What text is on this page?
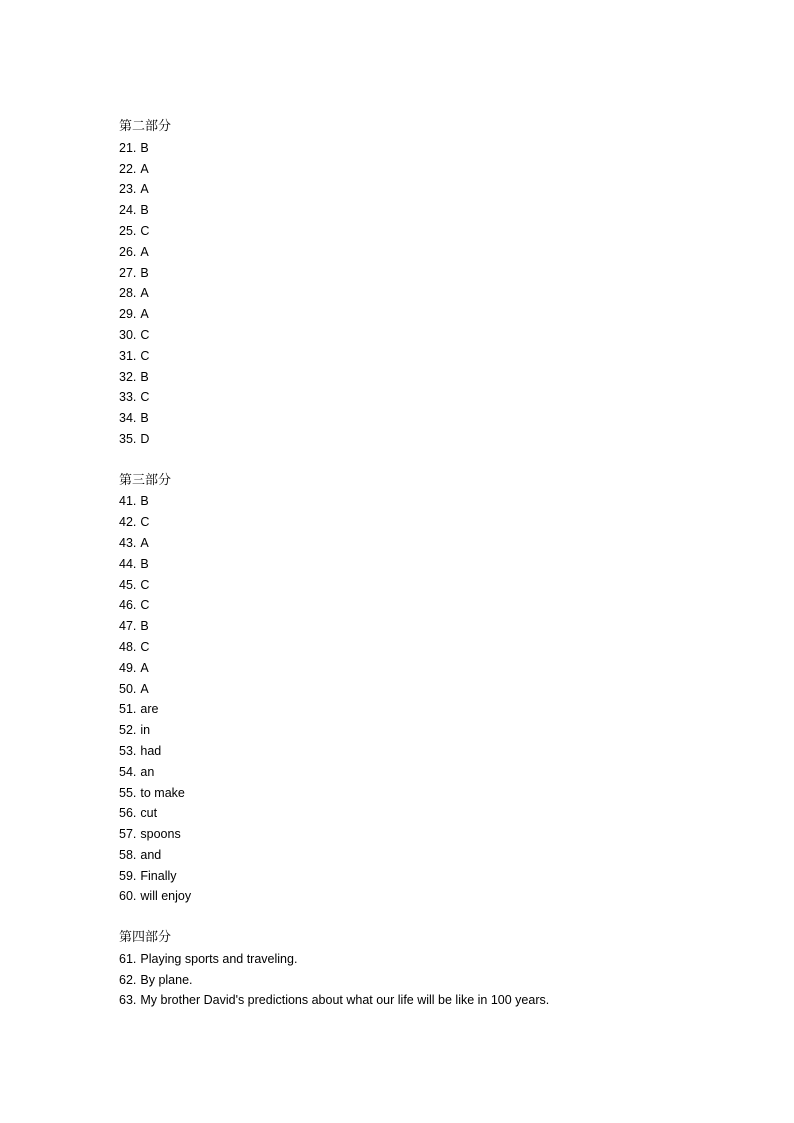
第二部分
21. B
22. A
23. A
24. B
25. C
26. A
27. B
28. A
29. A
30. C
31. C
32. B
33. C
34. B
35. D
第三部分
41. B
42. C
43. A
44. B
45. C
46. C
47. B
48. C
49. A
50. A
51. are
52. in
53. had
54. an
55. to make
56. cut
57. spoons
58. and
59. Finally
60. will enjoy
第四部分
61. Playing sports and traveling.
62. By plane.
63. My brother David's predictions about what our life will be like in 100 years.
